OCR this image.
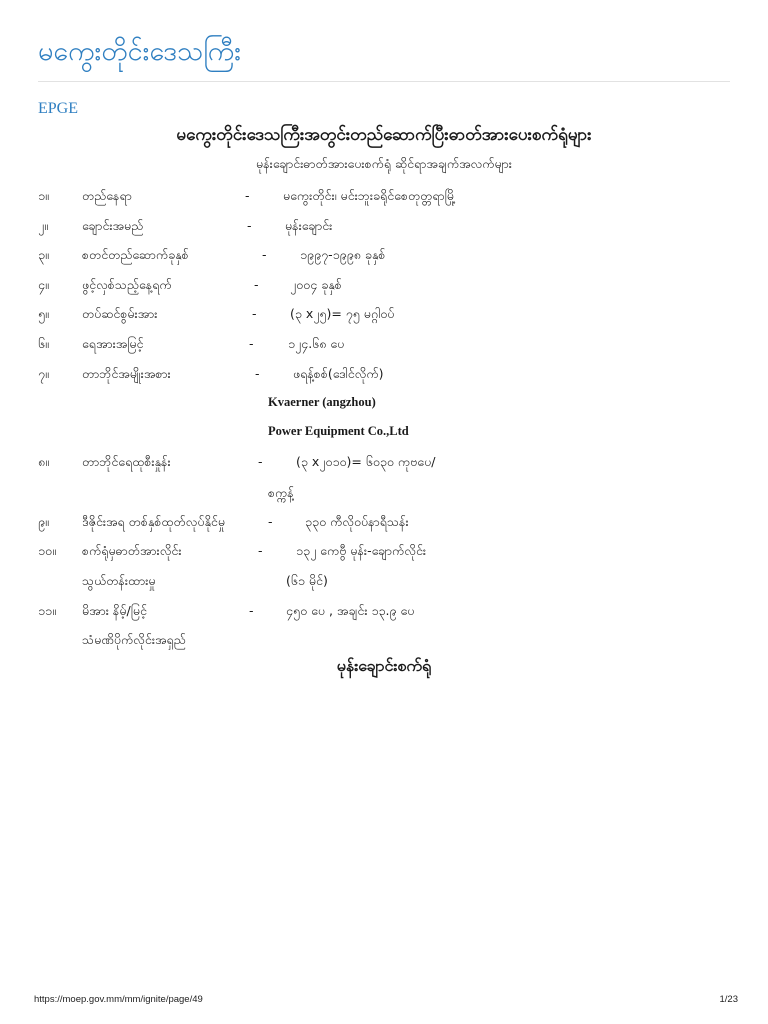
မကွေးတိုင်းဒေသကြီး
EPGE
မကွေးတိုင်းဒေသကြီးအတွင်းတည်ဆောက်ပြီးဓာတ်အားပေးစက်ရုံများ
မုန်းချောင်းဓာတ်အားပေးစက်ရုံ ဆိုင်ရာအချက်အလက်များ
၁။	တည်နေရာ	-	မကွေးတိုင်း၊ မင်းဘူးခရိုင်စေတုတ္တရာမြို့
၂။	ချောင်းအမည်	-	မုန်းချောင်း
၃။	စတင်တည်ဆောက်ခုနှစ်	-	၁၉၉၇-၁၉၉၈ ခုနှစ်
၄။	ဖွင့်လှစ်သည့်နေ့ရက်	-	၂၀၀၄ ခုနှစ်
၅။	တပ်ဆင်စွမ်းအား	-	(၃ x၂၅)= ၇၅ မဂ္ဂါဝပ်
၆။	ရေအားအမြင့်	-	၁၂၄.၆၈ ပေ
၇။	တာဘိုင်အမျိုးအစား	-	ဖရန့်စစ်(ဒေါင်လိုက်)
Kvaerner (angzhou)
Power Equipment Co.,Ltd
၈။	တာဘိုင်ရေထုစီးနှုန်း	-	(၃ x၂၀၁၀)= ၆၀၃၀ ကုဗပေ/
စက္ကန့်
၉။	ဒီဇိုင်းအရ တစ်နှစ်ထုတ်လုပ်နိုင်မှု	-	၃၃၀ ကီလိုဝပ်နာရီသန်း
၁၀။ စက်ရုံမှဓာတ်အားလိုင်း	-	၁၃၂ ကေဗွီ မုန်း-ချောက်လိုင်း
သွယ်တန်းထားမှု	(၆၁ မိုင်)
၁၁။ မိအား နိမ့်/မြင့်	-	၄၅၀ ပေ , အချင်း ၁၃.၉ ပေ
သံမဏိပိုက်လိုင်းအရှည်
မုန်းချောင်းစက်ရုံ
https://moep.gov.mm/mm/ignite/page/49	1/23
